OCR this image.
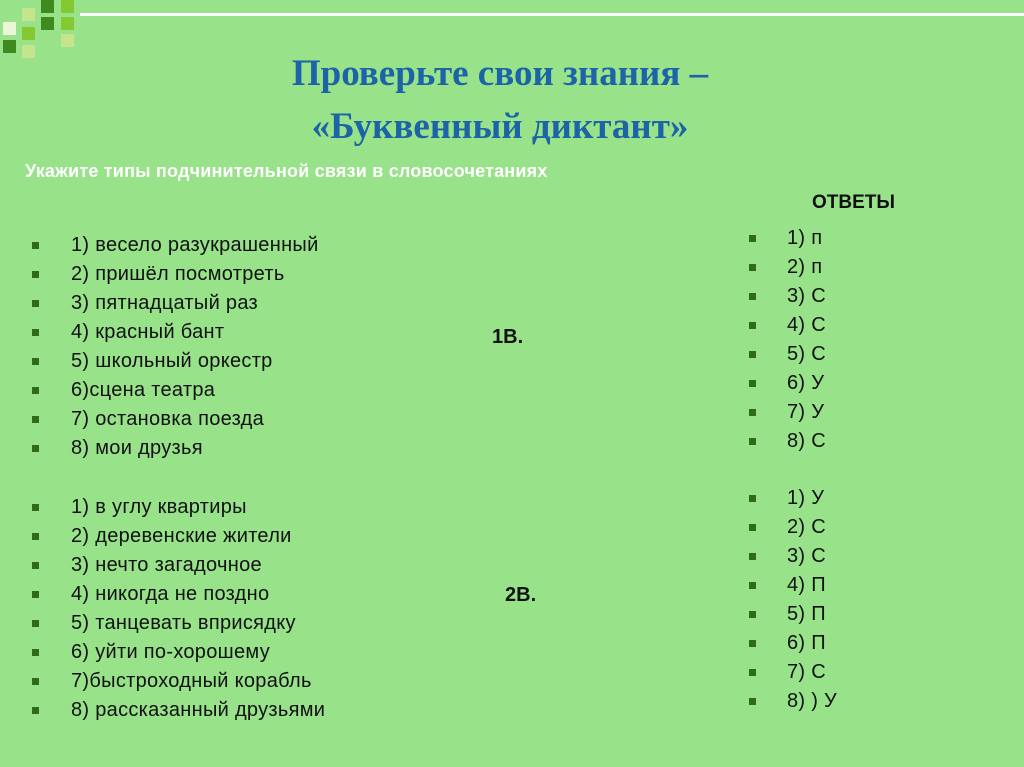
Проверьте свои знания –
«Буквенный диктант»
Укажите типы подчинительной связи в словосочетаниях
ОТВЕТЫ
1В.
2В.
1) весело разукрашенный
2) пришёл посмотреть
3) пятнадцатый раз
4) красный бант
5) школьный оркестр
6)сцена театра
7) остановка поезда
8) мои друзья
1) в углу квартиры
2) деревенские жители
3) нечто загадочное
4) никогда не поздно
5) танцевать вприсядку
6) уйти по-хорошему
7)быстроходный корабль
8) рассказанный друзьями
1) п
2) п
3) С
4) С
5) С
6) У
7) У
8) С
1) У
2) С
3) С
4) П
5) П
6) П
7) С
8) ) У
